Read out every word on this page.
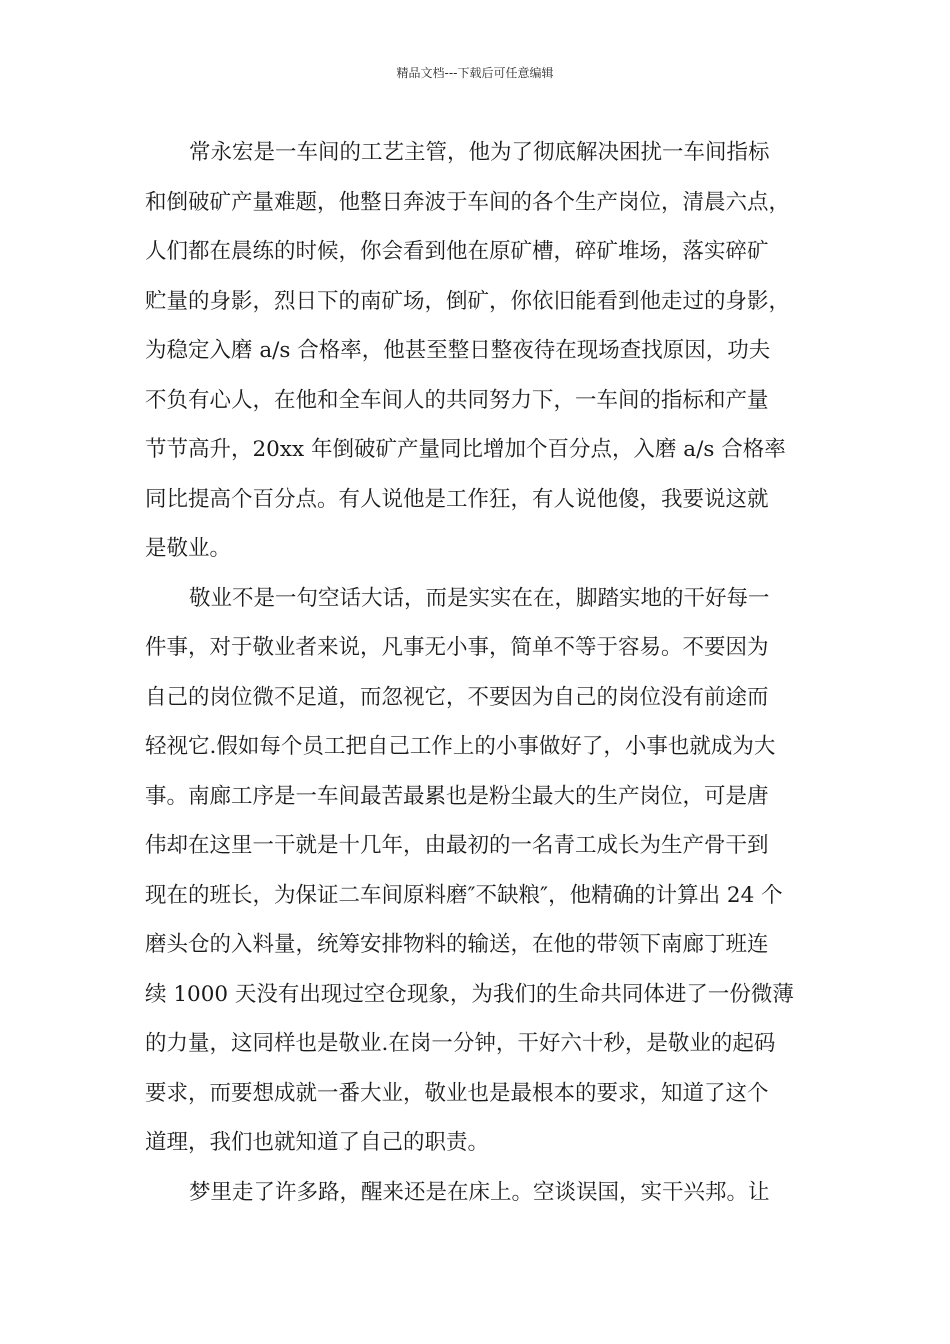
精品文档---下载后可任意编辑
常永宏是一车间的工艺主管，他为了彻底解决困扰一车间指标
和倒破矿产量难题，他整日奔波于车间的各个生产岗位，清晨六点，
人们都在晨练的时候，你会看到他在原矿槽，碎矿堆场，落实碎矿
贮量的身影，烈日下的南矿场，倒矿，你依旧能看到他走过的身影，
为稳定入磨 a/s 合格率，他甚至整日整夜待在现场查找原因，功夫
不负有心人，在他和全车间人的共同努力下，一车间的指标和产量
节节高升，20xx 年倒破矿产量同比增加个百分点，入磨 a/s 合格率
同比提高个百分点。有人说他是工作狂，有人说他傻，我要说这就
是敬业。
敬业不是一句空话大话，而是实实在在，脚踏实地的干好每一
件事，对于敬业者来说，凡事无小事，简单不等于容易。不要因为
自己的岗位微不足道，而忽视它，不要因为自己的岗位没有前途而
轻视它.假如每个员工把自己工作上的小事做好了，小事也就成为大
事。南廊工序是一车间最苦最累也是粉尘最大的生产岗位，可是唐
伟却在这里一干就是十几年，由最初的一名青工成长为生产骨干到
现在的班长，为保证二车间原料磨″不缺粮″，他精确的计算出 24 个
磨头仓的入料量，统筹安排物料的输送，在他的带领下南廊丁班连
续 1000 天没有出现过空仓现象，为我们的生命共同体进了一份微薄
的力量，这同样也是敬业.在岗一分钟，干好六十秒，是敬业的起码
要求，而要想成就一番大业，敬业也是最根本的要求，知道了这个
道理，我们也就知道了自己的职责。
梦里走了许多路，醒来还是在床上。空谈误国，实干兴邦。让
